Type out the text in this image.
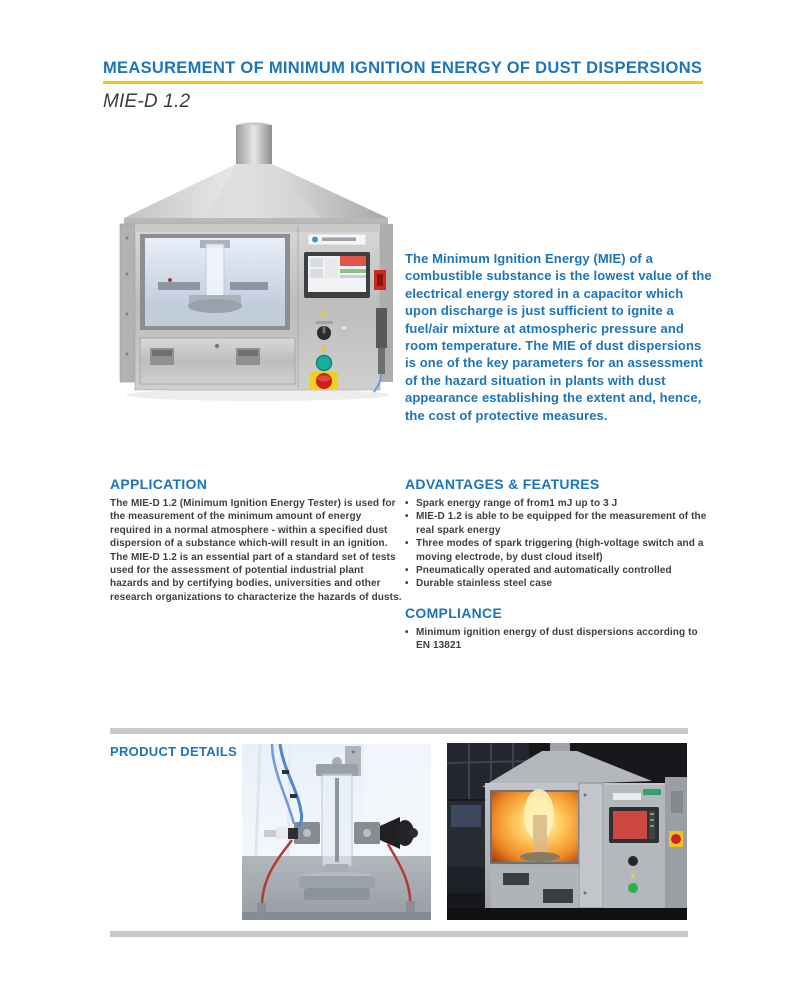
MEASUREMENT OF MINIMUM IGNITION ENERGY OF DUST DISPERSIONS
MIE-D 1.2

The Minimum Ignition Energy (MIE) of a combustible substance is the lowest value of the electrical energy stored in a capacitor which upon discharge is just sufficient to ignite a fuel/air mixture at atmospheric pressure and room temperature. The MIE of dust dispersions is one of the key parameters for an assessment of the hazard situation in plants with dust appearance establishing the extent and, hence, the cost of protective measures.

APPLICATION

The MIE-D 1.2 (Minimum Ignition Energy Tester) is used for the measurement of the minimum amount of energy required in a normal atmosphere - within a specified dust dispersion of a substance which-will result in an ignition. The MIE-D 1.2 is an essential part of a standard set of tests used for the assessment of potential industrial plant hazards and by certifying bodies, universities and other research organizations to characterize the hazards of dusts.

ADVANTAGES & FEATURES
• Spark energy range of from1 mJ up to 3 J
• MIE-D 1.2 is able to be equipped for the measurement of the real spark energy
• Three modes of spark triggering (high-voltage switch and a moving electrode, by dust cloud itself)
• Pneumatically operated and automatically controlled
• Durable stainless steel case
COMPLIANCE
• Minimum ignition energy of dust dispersions according to EN 13821
PRODUCT DETAILS
